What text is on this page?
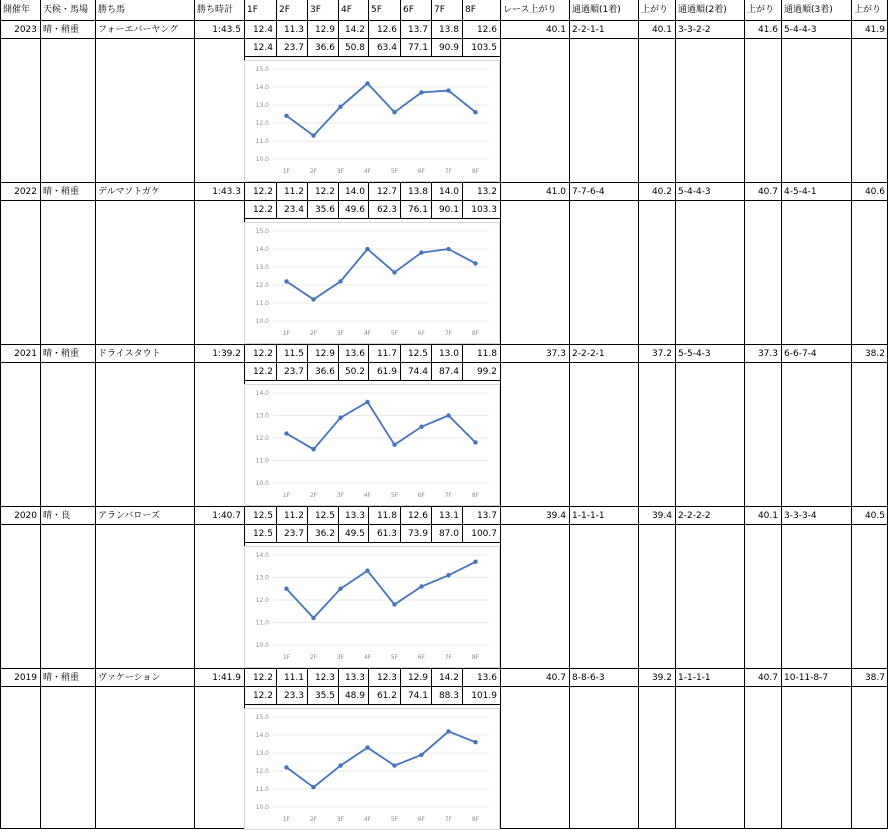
開催年	天候・馬場	勝ち馬	勝ち時計	1F	2F	3F	4F	5F	6F	7F	8F	レース上がり	通過順(1着)	上がり	通過順(2着)	上がり	通過順(3着)	上がり
2023 晴・稍重	フォーエバーヤング	1:43.5	12.4	11.3	12.9	14.2	12.6	13.7	13.8	12.6	40.1 2-2-1-1	40.1 3-3-2-2	41.6 5-4-4-3	41.9
12.4	23.7	36.6	50.8	63.4	77.1	90.9	103.5
2022 晴・稍重	デルマソトガケ	1:43.3	12.2	11.2	12.2	14.0	12.7	13.8	14.0	13.2	41.0 7-7-6-4	40.2 5-4-4-3	40.7 4-5-4-1	40.6
12.2	23.4	35.6	49.6	62.3	76.1	90.1	103.3
2021 晴・稍重	ドライスタウト	1:39.2	12.2	11.5	12.9	13.6	11.7	12.5	13.0	11.8	37.3 2-2-2-1	37.2 5-5-4-3	37.3 6-6-7-4	38.2
12.2	23.7	36.6	50.2	61.9	74.4	87.4	99.2
2020 晴・良	アランバローズ	1:40.7	12.5	11.2	12.5	13.3	11.8	12.6	13.1	13.7	39.4 1-1-1-1	39.4 2-2-2-2	40.1 3-3-3-4	40.5
12.5	23.7	36.2	49.5	61.3	73.9	87.0	100.7
2019 晴・稍重	ヴァケーション	1:41.9	12.2	11.1	12.3	13.3	12.3	12.9	14.2	13.6	40.7 8-8-6-3	39.2 1-1-1-1	40.7 10-11-8-7	38.7
12.2	23.3	35.5	48.9	61.2	74.1	88.3	101.9
10.0
11.0
12.0
13.0
14.0
15.0
1F	2F	3F	4F	5F	6F	7F	8F
10.0
11.0
12.0
13.0
14.0
15.0
1F	2F	3F	4F	5F	6F	7F	8F
10.0
11.0
12.0
13.0
14.0
1F	2F	3F	4F	5F	6F	7F	8F
10.0
11.0
12.0
13.0
14.0
1F	2F	3F	4F	5F	6F	7F	8F
10.0
11.0
12.0
13.0
14.0
15.0
1F	2F	3F	4F	5F	6F	7F	8F
